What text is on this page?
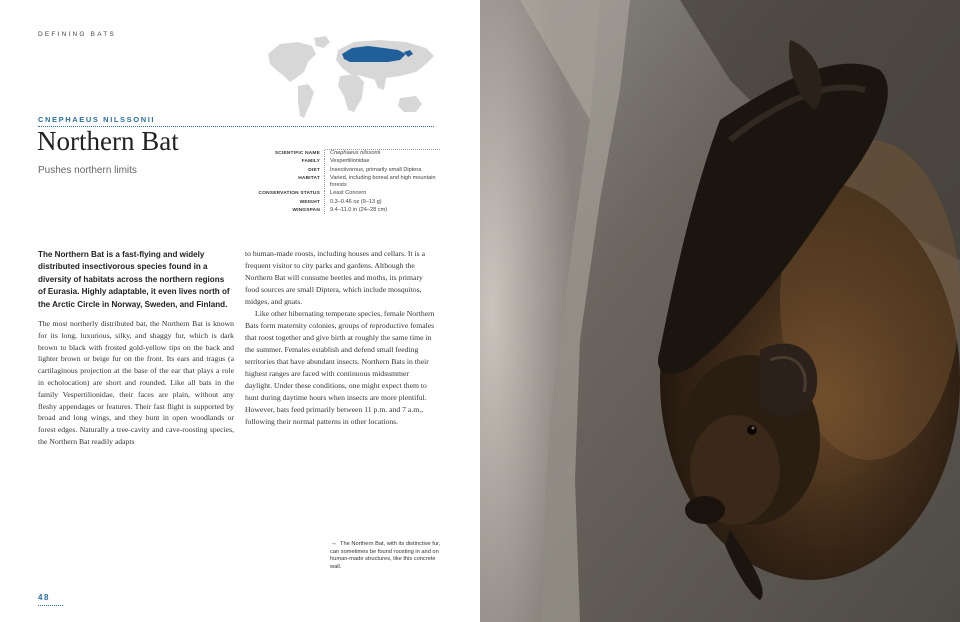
DEFINING BATS
CNEPHAEUS NILSSONII
Northern Bat
Pushes northern limits
SCIENTIFIC NAME Cnephaeus nilssonii
FAMILY Vespertilionidae
DIET Insectivorous, primarily small Diptera
HABITAT Varied, including boreal and high mountain forests
CONSERVATION STATUS Least Concern
WEIGHT 0.3–0.46 oz (9–13 g)
WINGSPAN 9.4–11.0 in (24–28 cm)
The Northern Bat is a fast-flying and widely distributed insectivorous species found in a diversity of habitats across the northern regions of Eurasia. Highly adaptable, it even lives north of the Arctic Circle in Norway, Sweden, and Finland.

The most northerly distributed bat, the Northern Bat is known for its long, luxurious, silky, and shaggy fur, which is dark brown to black with frosted gold-yellow tips on the back and lighter brown or beige fur on the front. Its ears and tragus (a cartilaginous projection at the base of the ear that plays a role in echolocation) are short and rounded. Like all bats in the family Vespertilionidae, their faces are plain, without any fleshy appendages or features. Their fast flight is supported by broad and long wings, and they hunt in open woodlands or forest edges. Naturally a tree-cavity and cave-roosting species, the Northern Bat readily adapts

to human-made roosts, including houses and cellars. It is a frequent visitor to city parks and gardens. Although the Northern Bat will consume beetles and moths, its primary food sources are small Diptera, which include mosquitos, midges, and gnats.

Like other hibernating temperate species, female Northern Bats form maternity colonies, groups of reproductive females that roost together and give birth at roughly the same time in the summer. Females establish and defend small feeding territories that have abundant insects. Northern Bats in their highest ranges are faced with continuous midsummer daylight. Under these conditions, one might expect them to hunt during daytime hours when insects are more plentiful. However, bats feed primarily between 11 p.m. and 7 a.m., following their normal patterns in other locations.

→ The Northern Bat, with its distinctive fur, can sometimes be found roosting in and on human-made structures, like this concrete wall.
48
